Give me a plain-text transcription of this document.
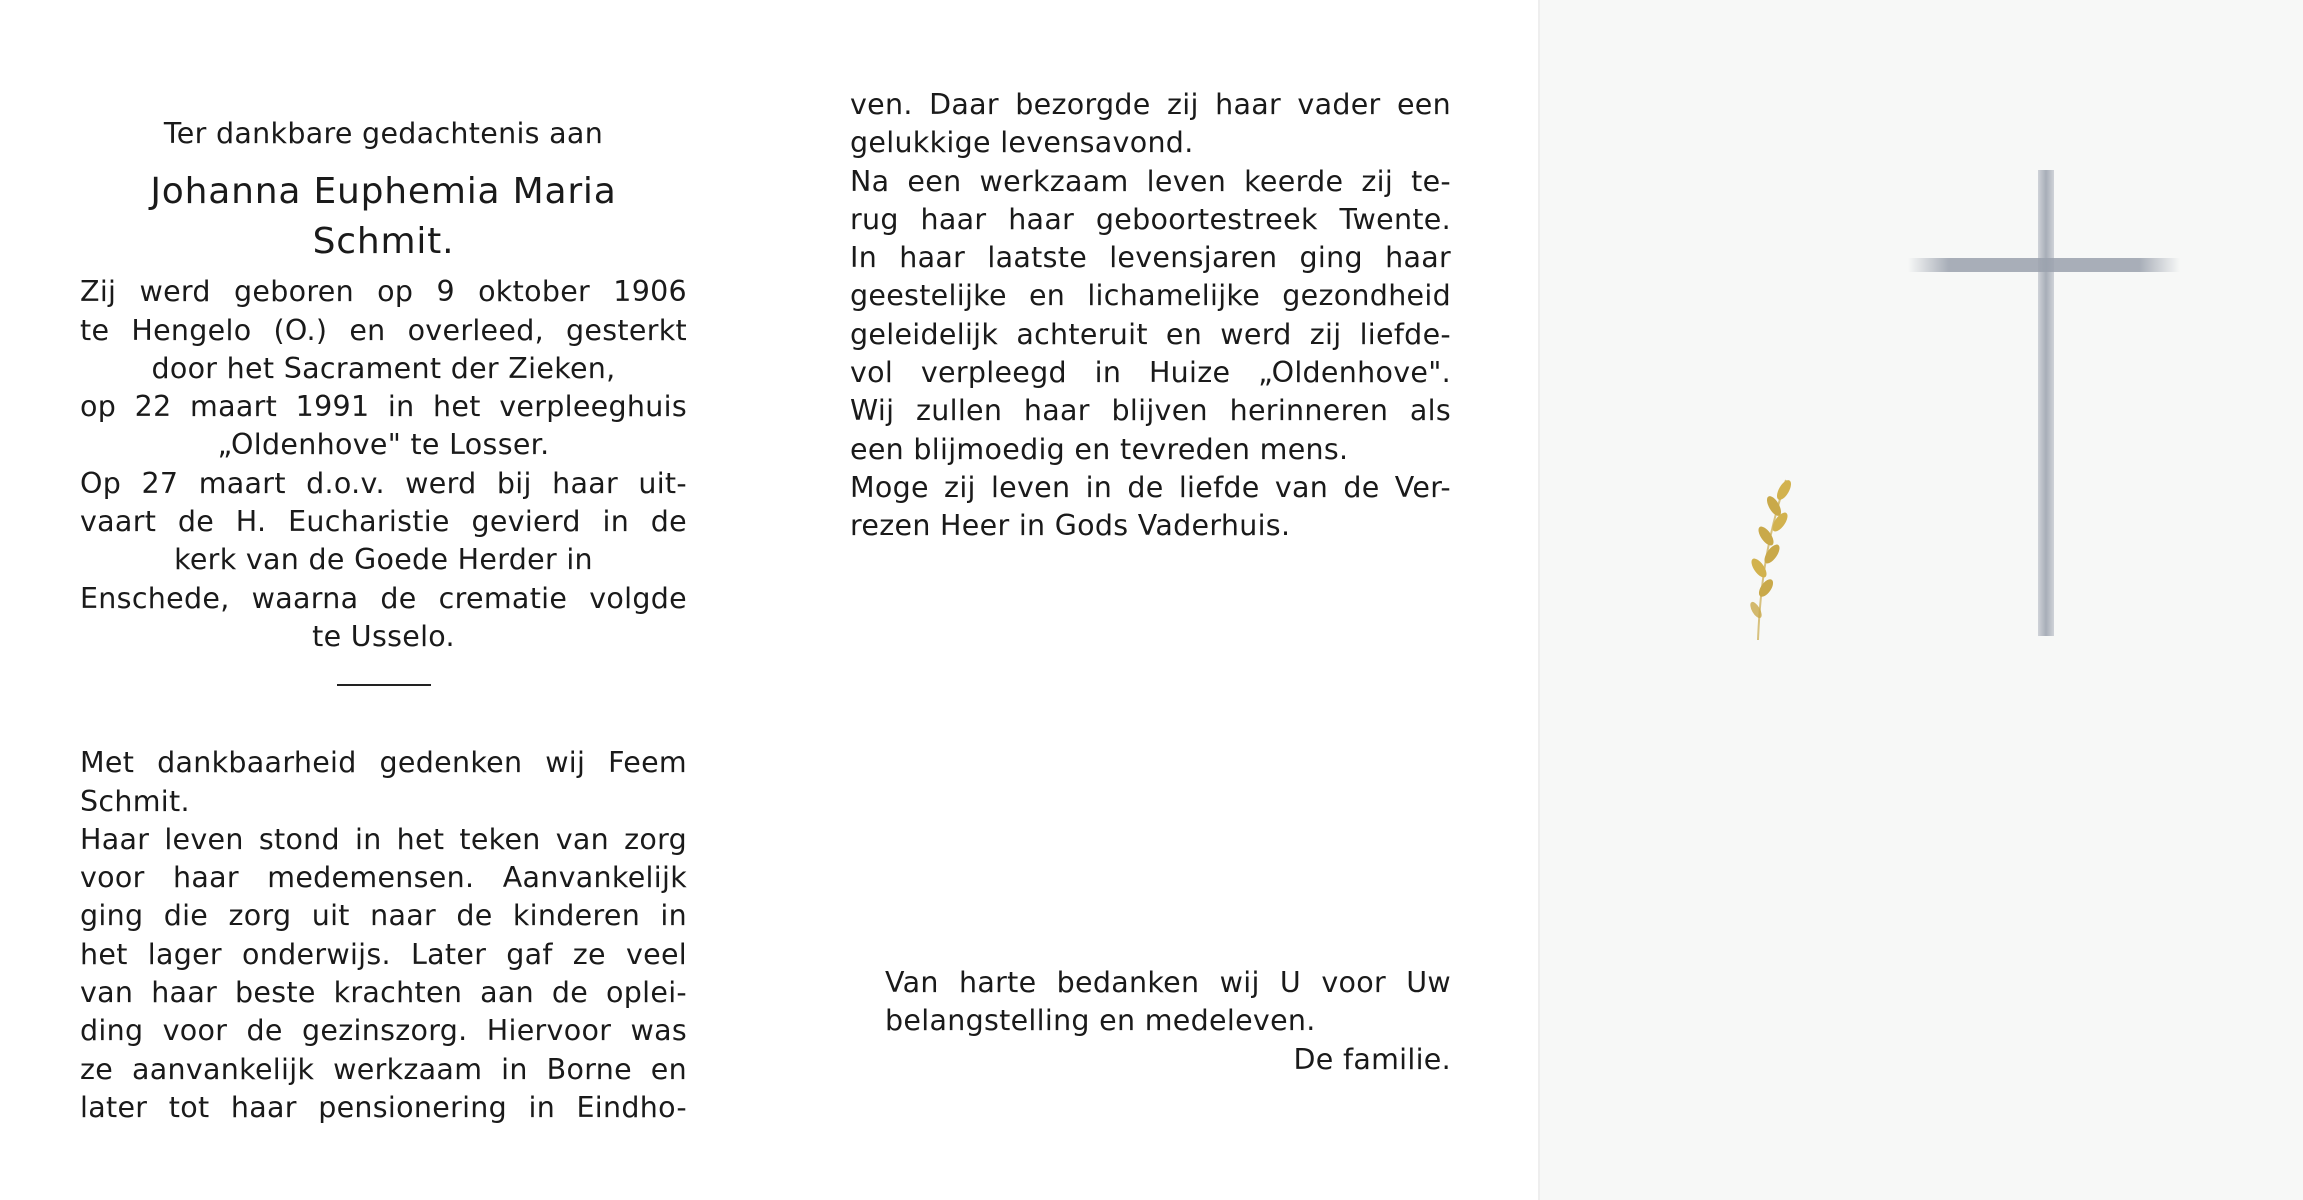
Ter dankbare gedachtenis aan
Johanna Euphemia Maria
Schmit.
Zij werd geboren op 9 oktober 1906
te Hengelo (O.) en overleed, gesterkt
door het Sacrament der Zieken,
op 22 maart 1991 in het verpleeghuis
„Oldenhove" te Losser.
Op 27 maart d.o.v. werd bij haar uit-
vaart de H. Eucharistie gevierd in de
kerk van de Goede Herder in
Enschede, waarna de crematie volgde
te Usselo.
Met dankbaarheid gedenken wij Feem
Schmit.
Haar leven stond in het teken van zorg
voor haar medemensen. Aanvankelijk
ging die zorg uit naar de kinderen in
het lager onderwijs. Later gaf ze veel
van haar beste krachten aan de oplei-
ding voor de gezinszorg. Hiervoor was
ze aanvankelijk werkzaam in Borne en
later tot haar pensionering in Eindho-
ven. Daar bezorgde zij haar vader een
gelukkige levensavond.
Na een werkzaam leven keerde zij te-
rug haar haar geboortestreek Twente.
In haar laatste levensjaren ging haar
geestelijke en lichamelijke gezondheid
geleidelijk achteruit en werd zij liefde-
vol verpleegd in Huize „Oldenhove".
Wij zullen haar blijven herinneren als
een blijmoedig en tevreden mens.
Moge zij leven in de liefde van de Ver-
rezen Heer in Gods Vaderhuis.
Van harte bedanken wij U voor Uw
belangstelling en medeleven.
De familie.
